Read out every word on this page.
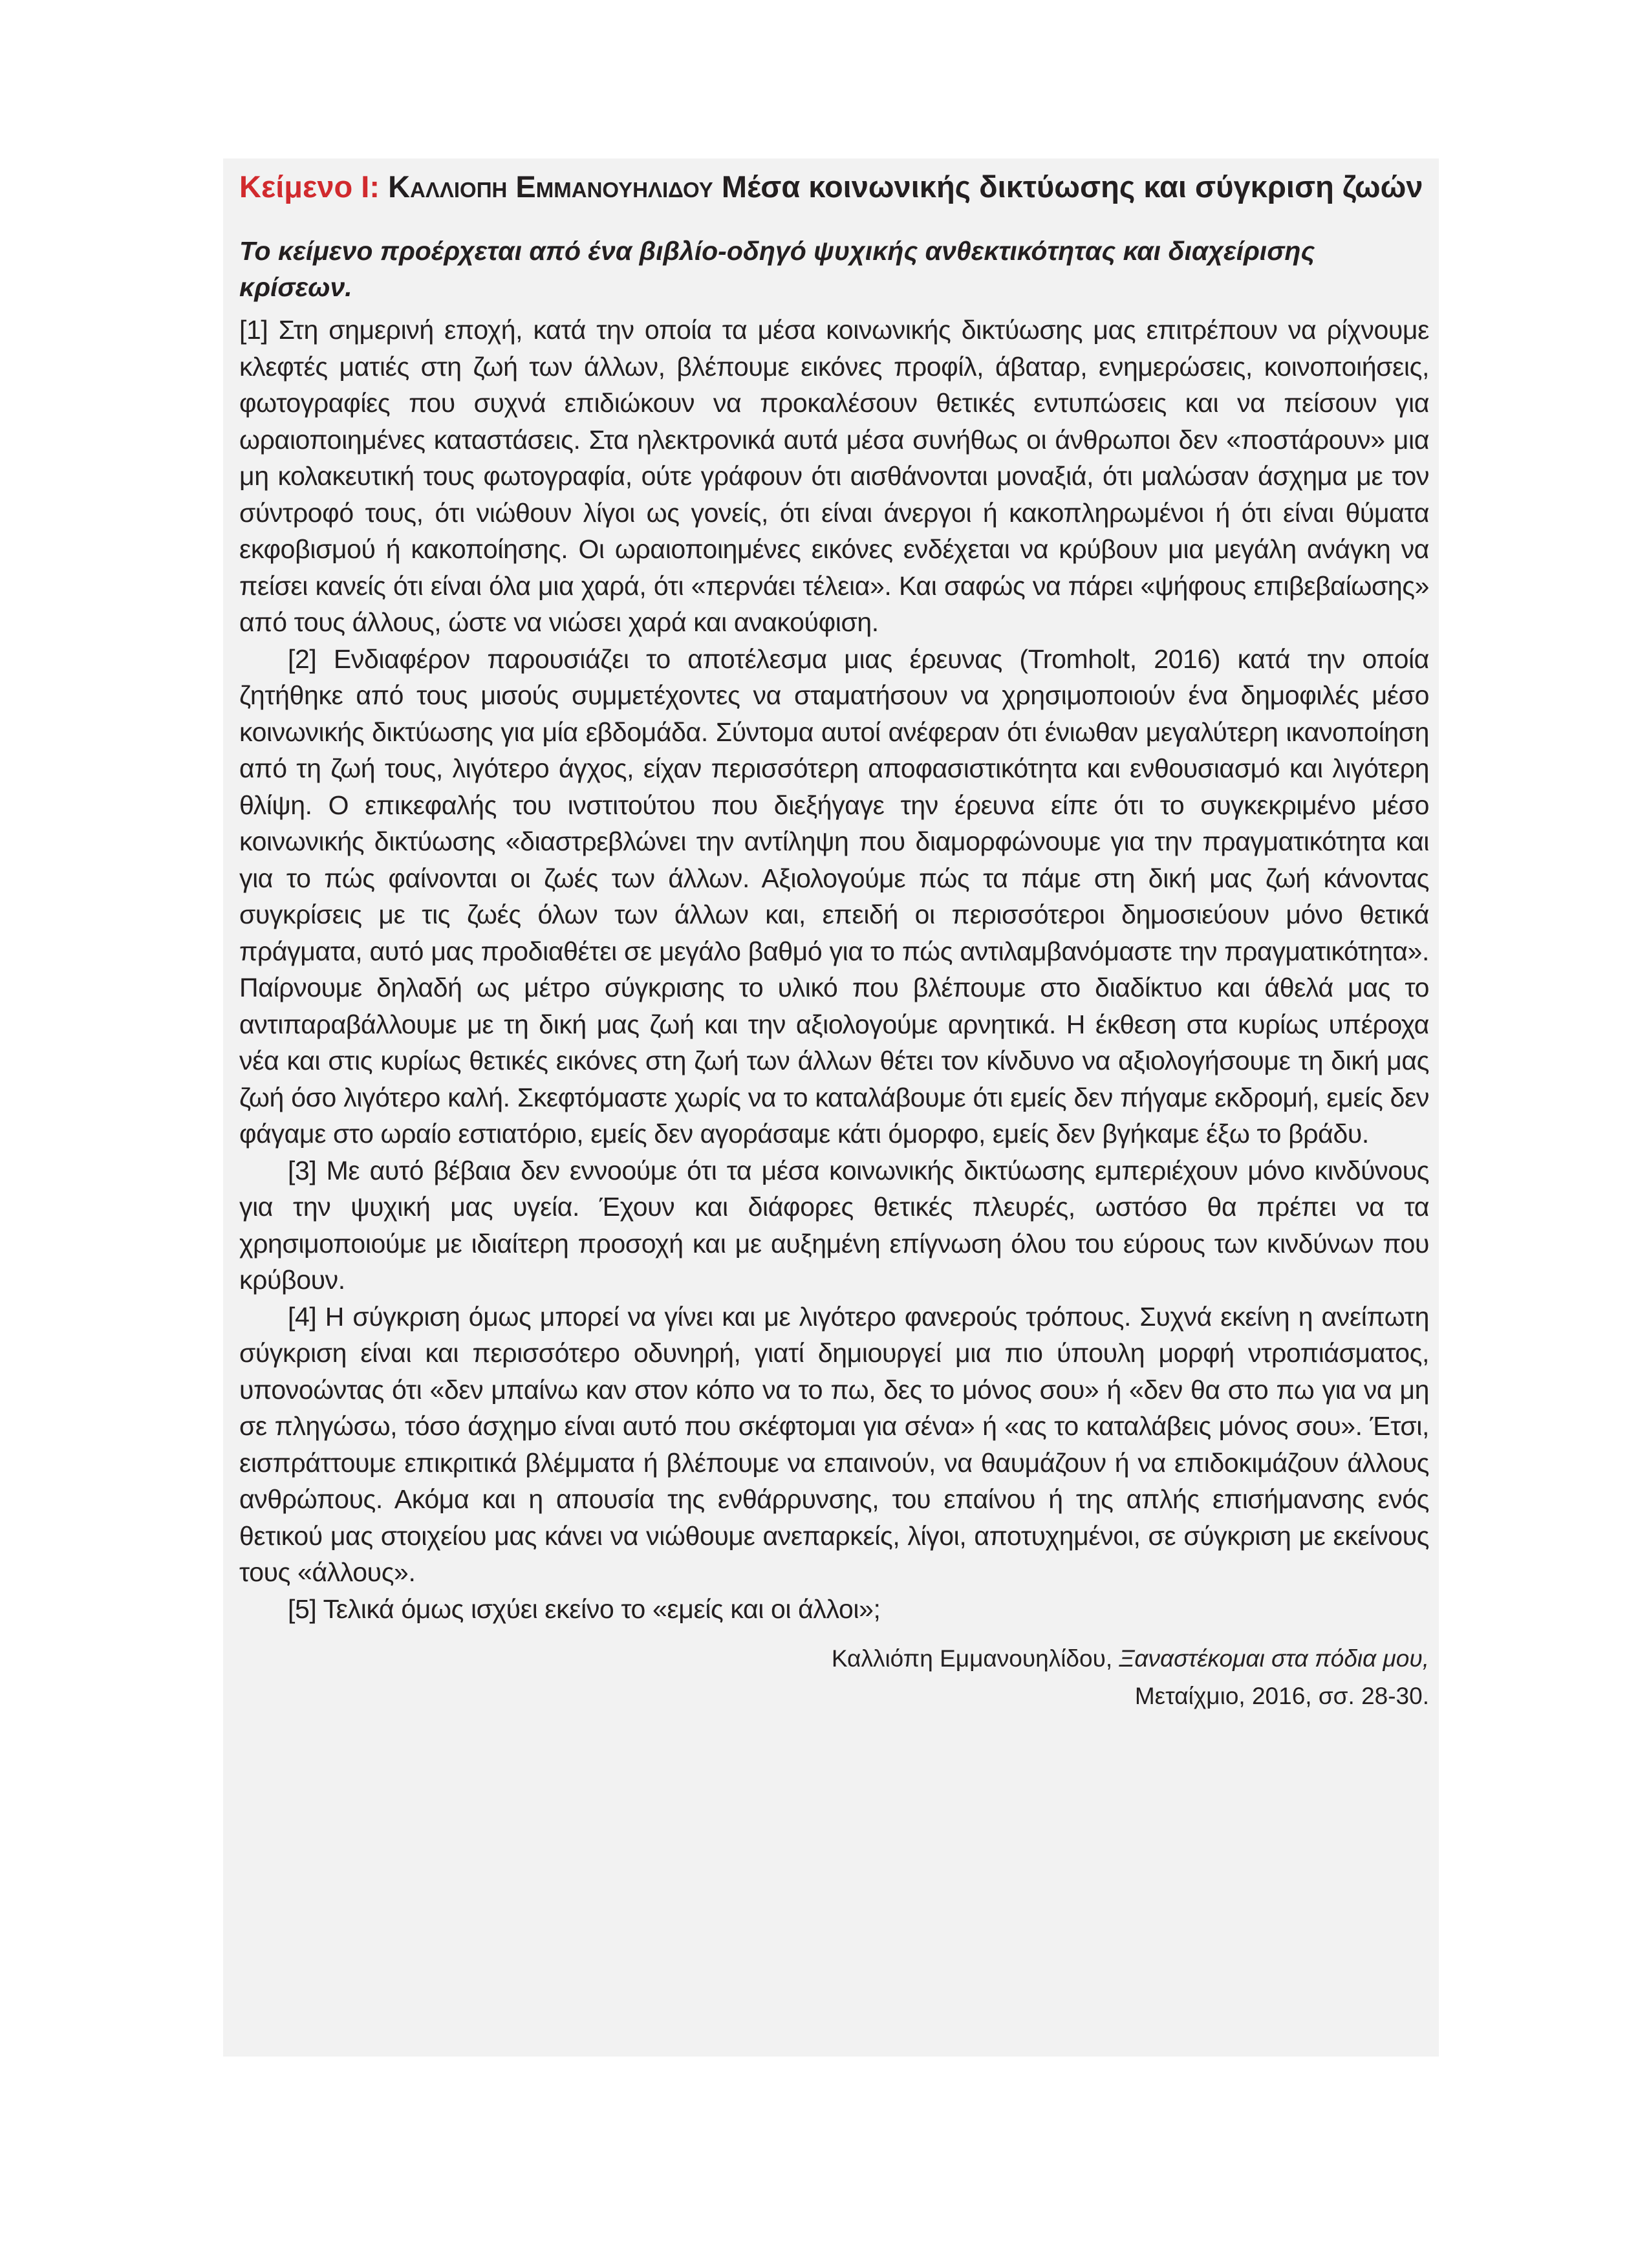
Κείμενο Ι: Καλλιοπη Εμμανουηλιδου Μέσα κοινωνικής δικτύωσης και σύγκριση ζωών

Το κείμενο προέρχεται από ένα βιβλίο-οδηγό ψυχικής ανθεκτικότητας και διαχείρισης κρίσεων.

[1] Στη σημερινή εποχή, κατά την οποία τα μέσα κοινωνικής δικτύωσης μας επιτρέπουν να ρίχνουμε κλεφτές ματιές στη ζωή των άλλων, βλέπουμε εικόνες προφίλ, άβαταρ, ενημερώσεις, κοινοποιήσεις, φωτογραφίες που συχνά επιδιώκουν να προκαλέσουν θετικές εντυπώσεις και να πείσουν για ωραιοποιημένες καταστάσεις. Στα ηλεκτρονικά αυτά μέσα συνήθως οι άνθρωποι δεν «ποστάρουν» μια μη κολακευτική τους φωτογραφία, ούτε γράφουν ότι αισθάνονται μοναξιά, ότι μαλώσαν άσχημα με τον σύντροφό τους, ότι νιώθουν λίγοι ως γονείς, ότι είναι άνεργοι ή κακοπληρωμένοι ή ότι είναι θύματα εκφοβισμού ή κακοποίησης. Οι ωραιοποιημένες εικόνες ενδέχεται να κρύβουν μια μεγάλη ανάγκη να πείσει κανείς ότι είναι όλα μια χαρά, ότι «περνάει τέλεια». Και σαφώς να πάρει «ψήφους επιβεβαίωσης» από τους άλλους, ώστε να νιώσει χαρά και ανακούφιση.

[2] Ενδιαφέρον παρουσιάζει το αποτέλεσμα μιας έρευνας (Tromholt, 2016) κατά την οποία ζητήθηκε από τους μισούς συμμετέχοντες να σταματήσουν να χρησιμοποιούν ένα δημοφιλές μέσο κοινωνικής δικτύωσης για μία εβδομάδα. Σύντομα αυτοί ανέφεραν ότι ένιωθαν μεγαλύτερη ικανοποίηση από τη ζωή τους, λιγότερο άγχος, είχαν περισσότερη αποφασιστικότητα και ενθουσιασμό και λιγότερη θλίψη. Ο επικεφαλής του ινστιτούτου που διεξήγαγε την έρευνα είπε ότι το συγκεκριμένο μέσο κοινωνικής δικτύωσης «διαστρεβλώνει την αντίληψη που διαμορφώνουμε για την πραγματικότητα και για το πώς φαίνονται οι ζωές των άλλων. Αξιολογούμε πώς τα πάμε στη δική μας ζωή κάνοντας συγκρίσεις με τις ζωές όλων των άλλων και, επειδή οι περισσότεροι δημοσιεύουν μόνο θετικά πράγματα, αυτό μας προδιαθέτει σε μεγάλο βαθμό για το πώς αντιλαμβανόμαστε την πραγματικότητα». Παίρνουμε δηλαδή ως μέτρο σύγκρισης το υλικό που βλέπουμε στο διαδίκτυο και άθελά μας το αντιπαραβάλλουμε με τη δική μας ζωή και την αξιολογούμε αρνητικά. Η έκθεση στα κυρίως υπέροχα νέα και στις κυρίως θετικές εικόνες στη ζωή των άλλων θέτει τον κίνδυνο να αξιολογήσουμε τη δική μας ζωή όσο λιγότερο καλή. Σκεφτόμαστε χωρίς να το καταλάβουμε ότι εμείς δεν πήγαμε εκδρομή, εμείς δεν φάγαμε στο ωραίο εστιατόριο, εμείς δεν αγοράσαμε κάτι όμορφο, εμείς δεν βγήκαμε έξω το βράδυ.

[3] Με αυτό βέβαια δεν εννοούμε ότι τα μέσα κοινωνικής δικτύωσης εμπεριέχουν μόνο κινδύνους για την ψυχική μας υγεία. Έχουν και διάφορες θετικές πλευρές, ωστόσο θα πρέπει να τα χρησιμοποιούμε με ιδιαίτερη προσοχή και με αυξημένη επίγνωση όλου του εύρους των κινδύνων που κρύβουν.

[4] Η σύγκριση όμως μπορεί να γίνει και με λιγότερο φανερούς τρόπους. Συχνά εκείνη η ανείπωτη σύγκριση είναι και περισσότερο οδυνηρή, γιατί δημιουργεί μια πιο ύπουλη μορφή ντροπιάσματος, υπονοώντας ότι «δεν μπαίνω καν στον κόπο να το πω, δες το μόνος σου» ή «δεν θα στο πω για να μη σε πληγώσω, τόσο άσχημο είναι αυτό που σκέφτομαι για σένα» ή «ας το καταλάβεις μόνος σου». Έτσι, εισπράττουμε επικριτικά βλέμματα ή βλέπουμε να επαινούν, να θαυμάζουν ή να επιδοκιμάζουν άλλους ανθρώπους. Ακόμα και η απουσία της ενθάρρυνσης, του επαίνου ή της απλής επισήμανσης ενός θετικού μας στοιχείου μας κάνει να νιώθουμε ανεπαρκείς, λίγοι, αποτυχημένοι, σε σύγκριση με εκείνους τους «άλλους».

[5] Τελικά όμως ισχύει εκείνο το «εμείς και οι άλλοι»;

Καλλιόπη Εμμανουηλίδου, Ξαναστέκομαι στα πόδια μου,
Μεταίχμιο, 2016, σσ. 28-30.
